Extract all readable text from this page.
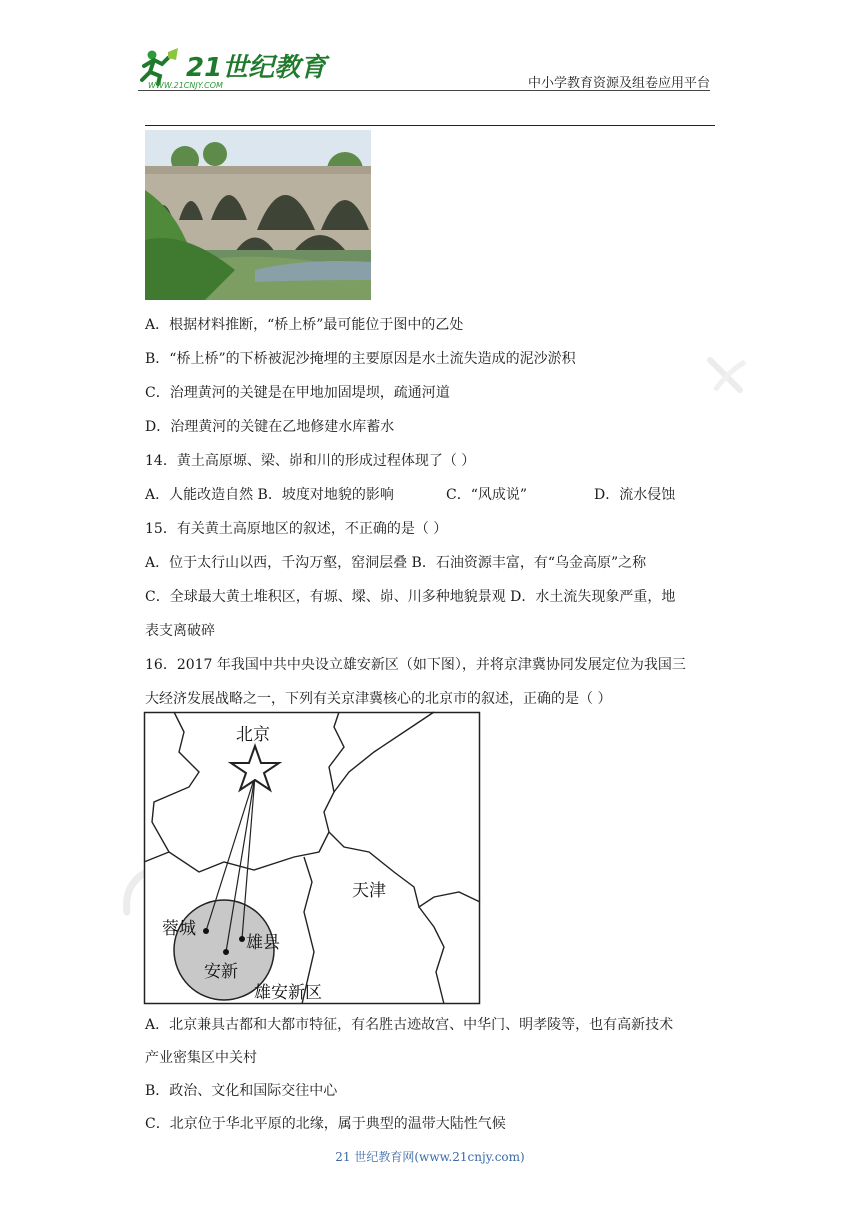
21世纪教育
WWW.21CNJY.COM	中小学教育资源及组卷应用平台
A．根据材料推断，“桥上桥”最可能位于图中的乙处
B．“桥上桥”的下桥被泥沙掩埋的主要原因是水土流失造成的泥沙淤积
C．治理黄河的关键是在甲地加固堤坝，疏通河道
D．治理黄河的关键在乙地修建水库蓄水
14．黄土高原塬、梁、峁和川的形成过程体现了（ ）
A．人能改造自然 B．坡度对地貌的影响	C．“风成说”	D．流水侵蚀
15．有关黄土高原地区的叙述，不正确的是（ ）
A．位于太行山以西，千沟万壑，窑洞层叠 B．石油资源丰富，有“乌金高原”之称
C．全球最大黄土堆积区，有塬、墚、峁、川多种地貌景观 D．水土流失现象严重，地
表支离破碎
16．2017 年我国中共中央设立雄安新区（如下图），并将京津冀协同发展定位为我国三
大经济发展战略之一，下列有关京津冀核心的北京市的叙述，正确的是（ ）
北京
天津
蓉城
雄县
安新
雄安新区
A．北京兼具古都和大都市特征，有名胜古迹故宫、中华门、明孝陵等，也有高新技术
产业密集区中关村
B．政治、文化和国际交往中心
C．北京位于华北平原的北缘，属于典型的温带大陆性气候
21 世纪教育网(www.21cnjy.com)
